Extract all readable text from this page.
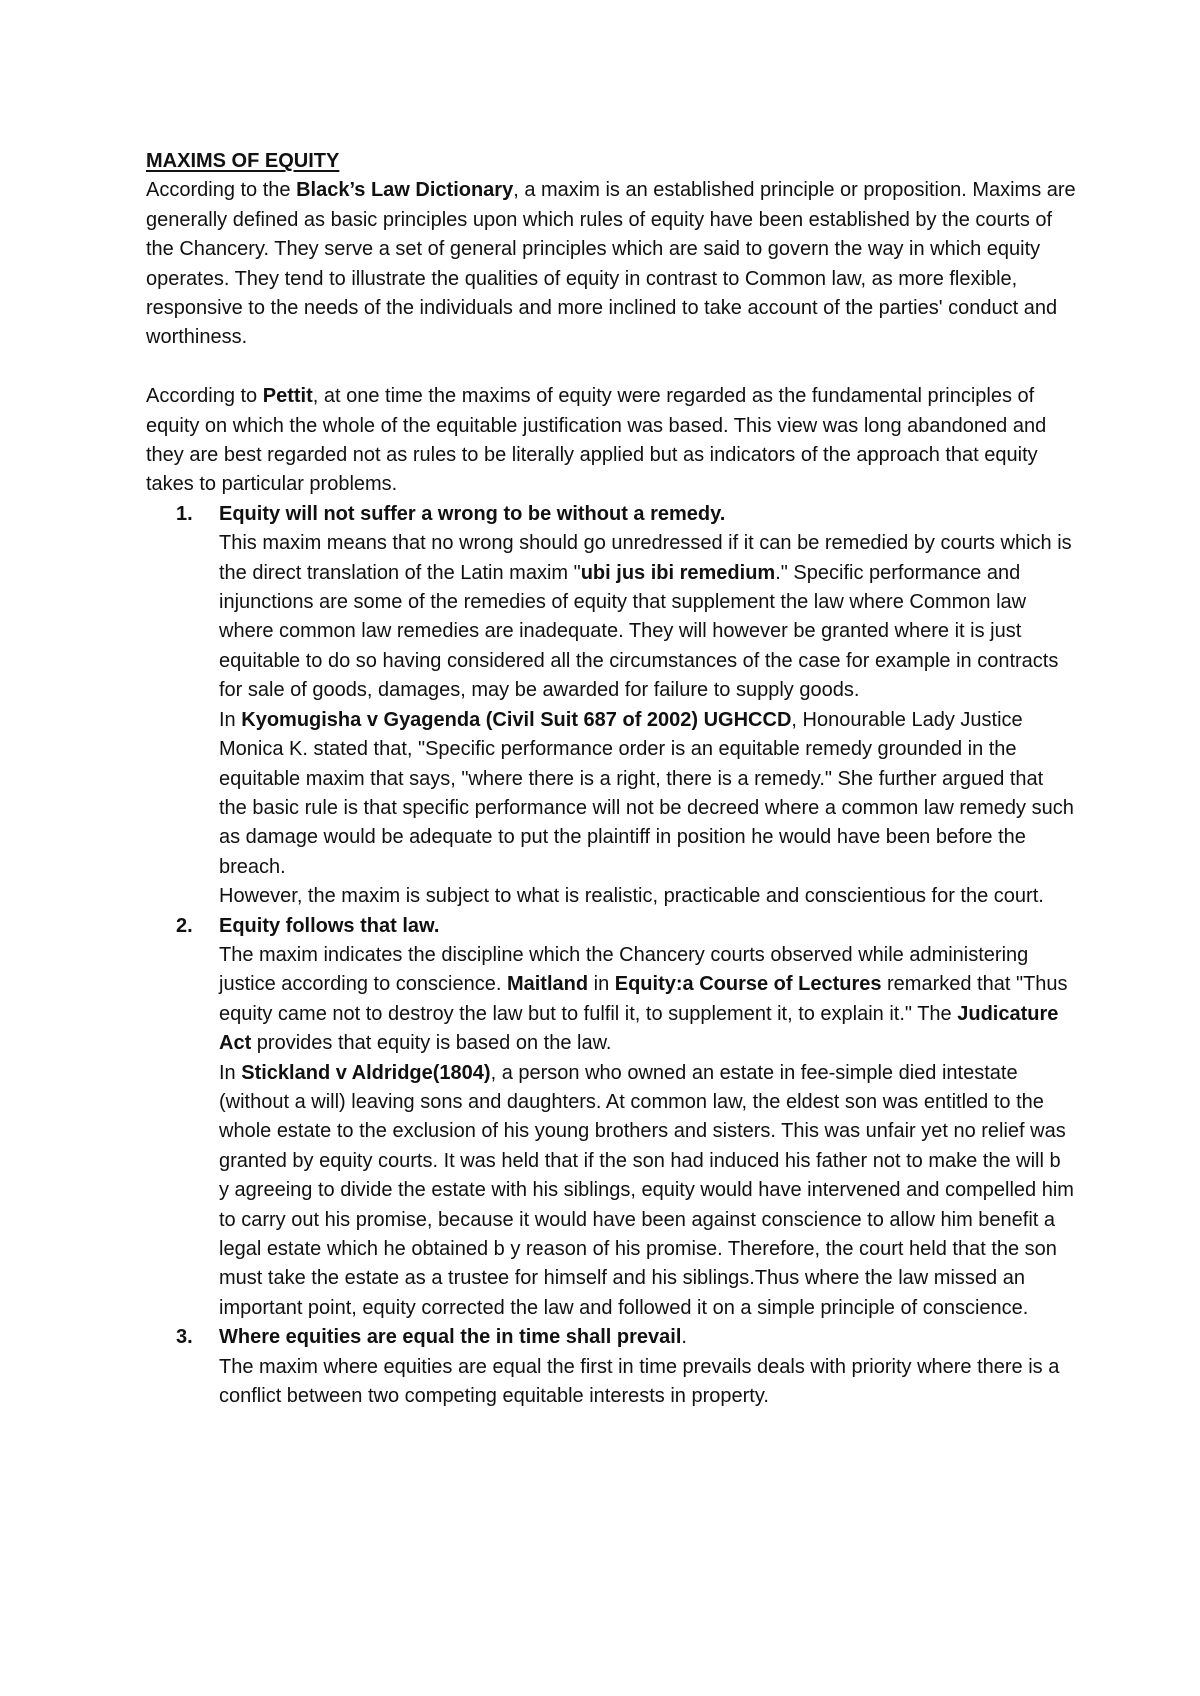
MAXIMS OF EQUITY

According to the Black’s Law Dictionary, a maxim is an established principle or proposition. Maxims are generally defined as basic principles upon which rules of equity have been established by the courts of the Chancery. They serve a set of general principles which are said to govern the way in which equity operates. They tend to illustrate the qualities of equity in contrast to Common law, as more flexible, responsive to the needs of the individuals and more inclined to take account of the parties' conduct and worthiness.

According to Pettit, at one time the maxims of equity were regarded as the fundamental principles of equity on which the whole of the equitable justification was based. This view was long abandoned and they are best regarded not as rules to be literally applied but as indicators of the approach that equity takes to particular problems.

1. Equity will not suffer a wrong to be without a remedy.

This maxim means that no wrong should go unredressed if it can be remedied by courts which is the direct translation of the Latin maxim "ubi jus ibi remedium." Specific performance and injunctions are some of the remedies of equity that supplement the law where Common law where common law remedies are inadequate. They will however be granted where it is just equitable to do so having considered all the circumstances of the case for example in contracts for sale of goods, damages, may be awarded for failure to supply goods.

In Kyomugisha v Gyagenda (Civil Suit 687 of 2002) UGHCCD, Honourable Lady Justice Monica K. stated that, "Specific performance order is an equitable remedy grounded in the equitable maxim that says, "where there is a right, there is a remedy." She further argued that the basic rule is that specific performance will not be decreed where a common law remedy such as damage would be adequate to put the plaintiff in position he would have been before the breach.

However, the maxim is subject to what is realistic, practicable and conscientious for the court.

2. Equity follows that law.

The maxim indicates the discipline which the Chancery courts observed while administering justice according to conscience. Maitland in Equity:a Course of Lectures remarked that "Thus equity came not to destroy the law but to fulfil it, to supplement it, to explain it." The Judicature Act provides that equity is based on the law.

In Stickland v Aldridge(1804), a person who owned an estate in fee-simple died intestate (without a will) leaving sons and daughters. At common law, the eldest son was entitled to the whole estate to the exclusion of his young brothers and sisters. This was unfair yet no relief was granted by equity courts. It was held that if the son had induced his father not to make the will b y agreeing to divide the estate with his siblings, equity would have intervened and compelled him to carry out his promise, because it would have been against conscience to allow him benefit a legal estate which he obtained b y reason of his promise. Therefore, the court held that the son must take the estate as a trustee for himself and his siblings.Thus where the law missed an important point, equity corrected the law and followed it on a simple principle of conscience.

3. Where equities are equal the in time shall prevail.

The maxim where equities are equal the first in time prevails deals with priority where there is a conflict between two competing equitable interests in property.
